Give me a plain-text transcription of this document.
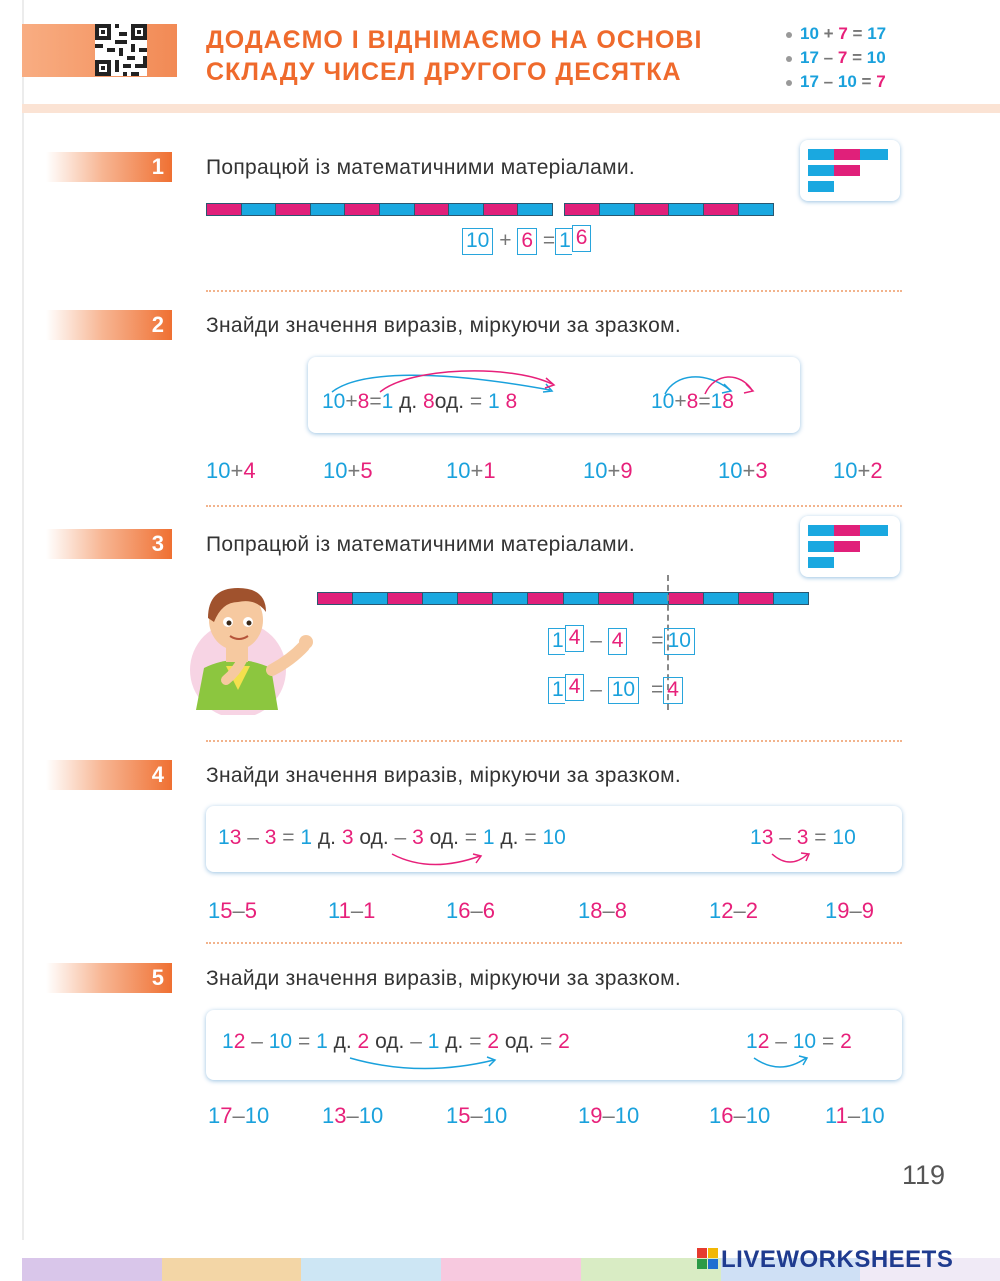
ДОДАЄМО І ВІДНІМАЄМО НА ОСНОВІ
СКЛАДУ ЧИСЕЛ ДРУГОГО ДЕСЯТКА
10 + 7 = 17
17 – 7 = 10
17 – 10 = 7
1	Попрацюй із математичними матеріалами.
10 + 6 = 1 6
2	Знайди значення виразів, міркуючи за зразком.
10+8=1 д. 8од. = 1 8	10+8=18
10+4	10+5	10+1	10+9	10+3	10+2
3	Попрацюй із математичними матеріалами.
1 4 – 4 = 10
1 4 – 10 = 4
4	Знайди значення виразів, міркуючи за зразком.
13 – 3 = 1 д. 3 од. – 3 од. = 1 д. = 10	13 – 3 = 10
15–5	11–1	16–6	18–8	12–2	19–9
5	Знайди значення виразів, міркуючи за зразком.
12 – 10 = 1 д. 2 од. – 1 д. = 2 од. = 2	12 – 10 = 2
17–10 13–10	15–10	19–10	16–10 11–10
119
LIVEWORKSHEETS
